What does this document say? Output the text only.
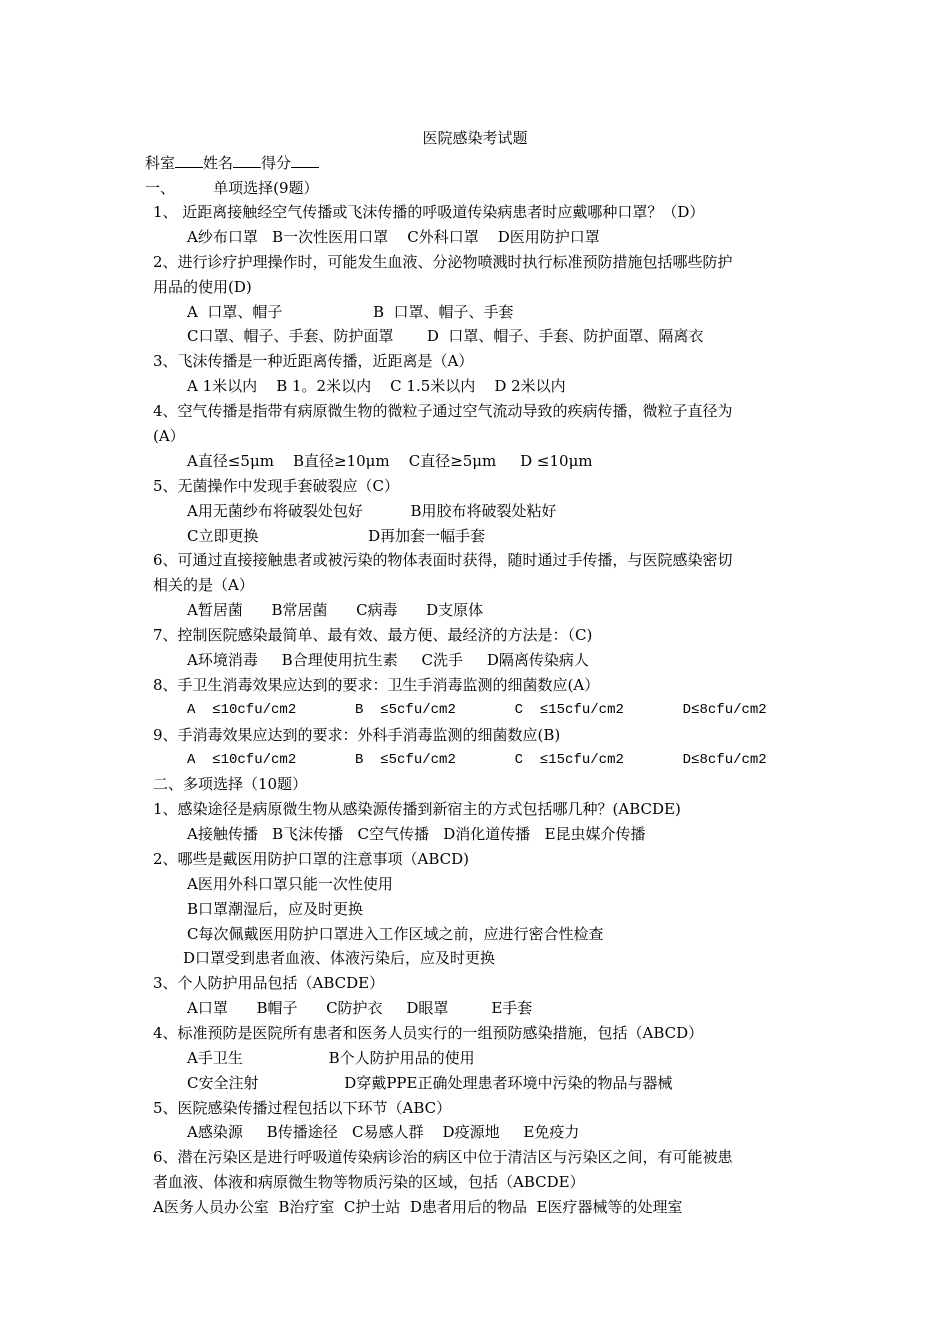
医院感染考试题
科室 姓名 得分
一、        单项选择(9题）
1、 近距离接触经空气传播或飞沫传播的呼吸道传染病患者时应戴哪种口罩？（D）
A纱布口罩   B一次性医用口罩    C外科口罩    D医用防护口罩
2、进行诊疗护理操作时，可能发生血液、分泌物喷溅时执行标准预防措施包括哪些防护
用品的使用(D)
A  口罩、帽子                   B  口罩、帽子、手套
C口罩、帽子、手套、防护面罩       D  口罩、帽子、手套、防护面罩、隔离衣
3、飞沫传播是一种近距离传播，近距离是（A）
A 1米以内    B 1。2米以内    C 1.5米以内    D 2米以内
4、空气传播是指带有病原微生物的微粒子通过空气流动导致的疾病传播，微粒子直径为
(A）
A直径≤5μm    B直径≥10μm    C直径≥5μm     D ≤10μm
5、无菌操作中发现手套破裂应（C）
A用无菌纱布将破裂处包好          B用胶布将破裂处粘好
C立即更换                       D再加套一幅手套
6、可通过直接接触患者或被污染的物体表面时获得，随时通过手传播，与医院感染密切
相关的是（A）
A暂居菌      B常居菌      C病毒      D支原体
7、控制医院感染最简单、最有效、最方便、最经济的方法是：（C)
A环境消毒     B合理使用抗生素     C洗手     D隔离传染病人
8、手卫生消毒效果应达到的要求：卫生手消毒监测的细菌数应(A）
A  ≤10cfu/cm2       B  ≤5cfu/cm2       C  ≤15cfu/cm2       D≤8cfu/cm2
9、手消毒效果应达到的要求：外科手消毒监测的细菌数应(B)
A  ≤10cfu/cm2       B  ≤5cfu/cm2       C  ≤15cfu/cm2       D≤8cfu/cm2
二、多项选择（10题）
1、感染途径是病原微生物从感染源传播到新宿主的方式包括哪几种？(ABCDE)
A接触传播   B飞沫传播   C空气传播   D消化道传播   E昆虫媒介传播
2、哪些是戴医用防护口罩的注意事项（ABCD)
A医用外科口罩只能一次性使用
B口罩潮湿后，应及时更换
C每次佩戴医用防护口罩进入工作区域之前，应进行密合性检查
D口罩受到患者血液、体液污染后，应及时更换
3、个人防护用品包括（ABCDE）
A口罩      B帽子      C防护衣     D眼罩         E手套
4、标准预防是医院所有患者和医务人员实行的一组预防感染措施，包括（ABCD）
A手卫生                  B个人防护用品的使用
C安全注射                  D穿戴PPE正确处理患者环境中污染的物品与器械
5、医院感染传播过程包括以下环节（ABC）
A感染源     B传播途径   C易感人群    D疫源地     E免疫力
6、潜在污染区是进行呼吸道传染病诊治的病区中位于清洁区与污染区之间，有可能被患
者血液、体液和病原微生物等物质污染的区域，包括（ABCDE）
A医务人员办公室  B治疗室  C护士站  D患者用后的物品  E医疗器械等的处理室
